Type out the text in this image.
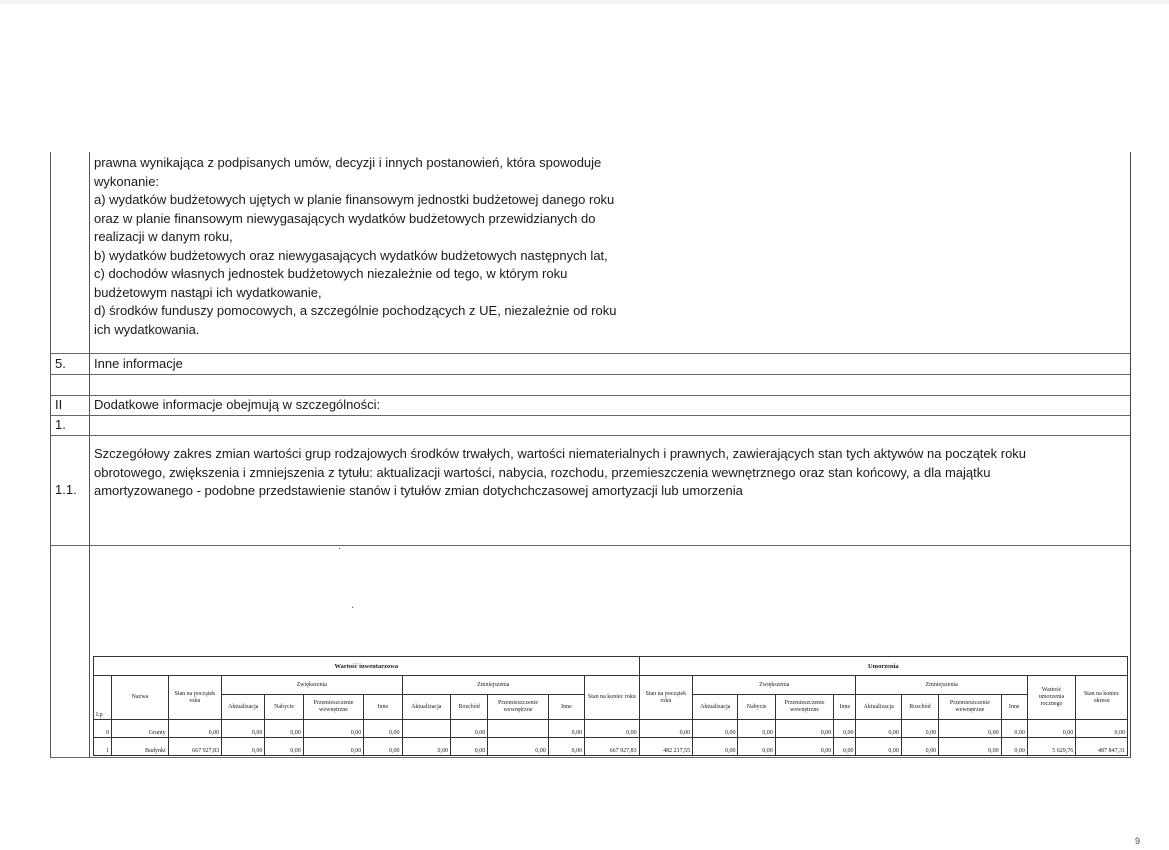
prawna wynikająca z podpisanych umów, decyzji i innych postanowień, która spowoduje
wykonanie:
a) wydatków budżetowych ujętych w planie finansowym jednostki budżetowej danego roku
oraz w planie finansowym niewygasających wydatków budżetowych przewidzianych do
realizacji w danym roku,
b) wydatków budżetowych oraz niewygasających wydatków budżetowych następnych lat,
c) dochodów własnych jednostek budżetowych niezależnie od tego, w którym roku
budżetowym nastąpi ich wydatkowanie,
d) środków funduszy pomocowych, a szczególnie pochodzących z UE, niezależnie od roku
ich wydatkowania.
5. Inne informacje
II Dodatkowe informacje obejmują w szczególności:
1.
1.1.
Szczegółowy zakres zmian wartości grup rodzajowych środków trwałych, wartości niematerialnych i prawnych, zawierających stan tych aktywów na początek roku
obrotowego, zwiększenia i zmniejszenia z tytułu: aktualizacji wartości, nabycia, rozchodu, przemieszczenia wewnętrznego oraz stan końcowy, a dla majątku
amortyzowanego - podobne przedstawienie stanów i tytułów zmian dotychchczasowej amortyzacji lub umorzenia
·
·
Wartość inwentarzowa												Umorzenia										
Lp	Nazwa	Stan na początek roku	Zwiększenia				Zmniejszenia				Stan na koniec roku	Stan na początek roku	Zwiększenia				Zmniejszenia				Wartość umorzenia rocznego	Stan na koniec okresu
			Aktualizacja	Nabycie	Przemieszczenie wewnętrzne	Inne	Aktualizacja	Rozchód	Przemieszczenie wewnętrzne	Inne			Aktualizacja	Nabycie	Przemieszczenie wewnętrzne	Inne	Aktualizacja	Rozchód	Przemieszczenie wewnętrzne	Inne		
0	Grunty	0,00	0,00	0,00	0,00	0,00		0,00		0,00	0,00	0,00	0,00	0,00	0,00	0,00	0,00	0,00	0,00	0,00	0,00	0,00
1	Budynki	667 927,83	0,00	0,00	0,00	0,00	0,00	0,00	0,00	0,00	667 927,83	482 217,55	0,00	0,00	0,00	0,00	0,00	0,00	0,00	0,00	5 629,76	487 847,31
9
